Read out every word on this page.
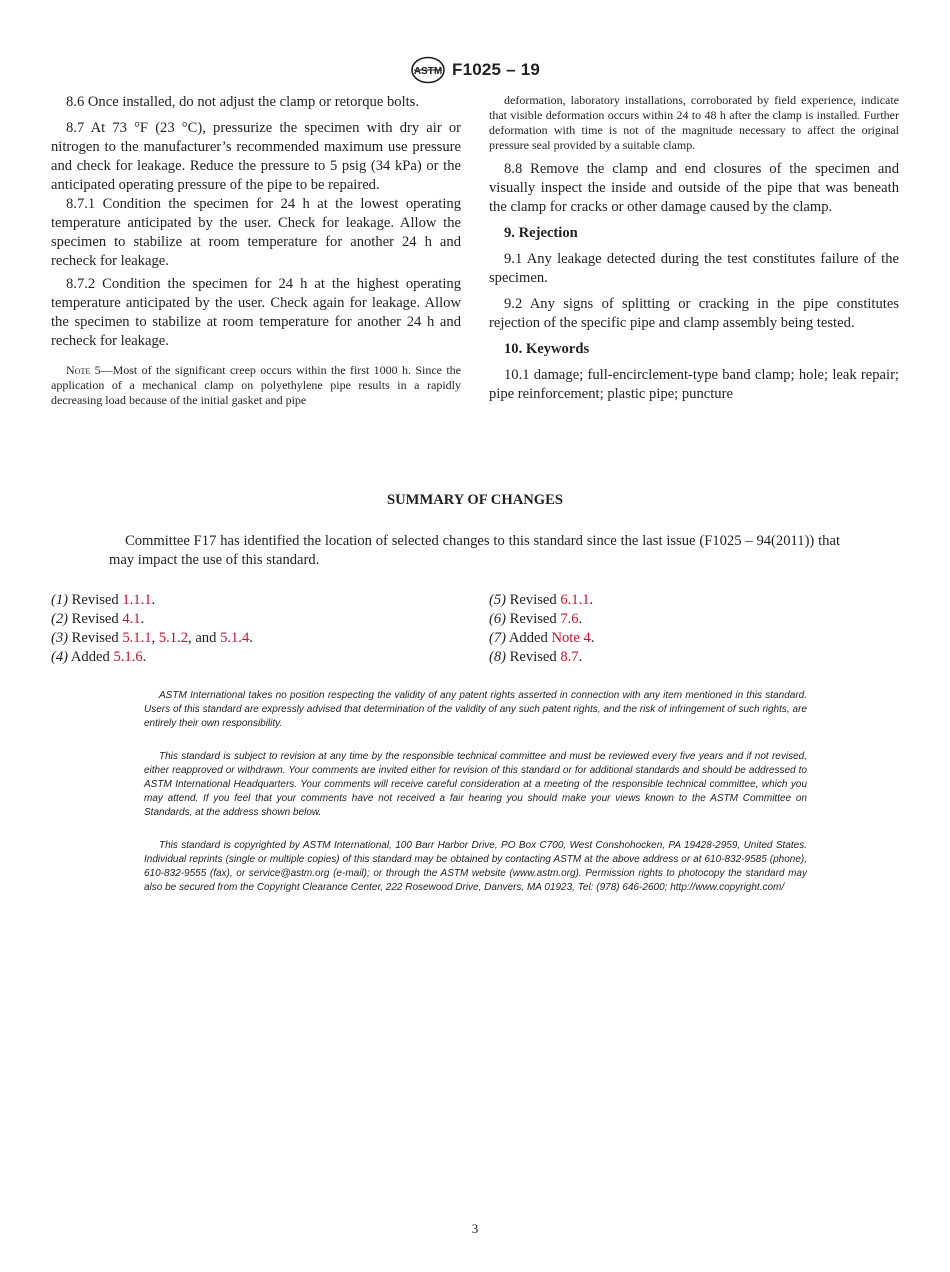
ASTM F1025 – 19

8.6 Once installed, do not adjust the clamp or retorque bolts.

8.7 At 73 °F (23 °C), pressurize the specimen with dry air or nitrogen to the manufacturer’s recommended maximum use pressure and check for leakage. Reduce the pressure to 5 psig (34 kPa) or the anticipated operating pressure of the pipe to be repaired.

8.7.1 Condition the specimen for 24 h at the lowest operating temperature anticipated by the user. Check for leakage. Allow the specimen to stabilize at room temperature for another 24 h and recheck for leakage.

8.7.2 Condition the specimen for 24 h at the highest operating temperature anticipated by the user. Check again for leakage. Allow the specimen to stabilize at room temperature for another 24 h and recheck for leakage.

Note 5—Most of the significant creep occurs within the first 1000 h. Since the application of a mechanical clamp on polyethylene pipe results in a rapidly decreasing load because of the initial gasket and pipe

deformation, laboratory installations, corroborated by field experience, indicate that visible deformation occurs within 24 to 48 h after the clamp is installed. Further deformation with time is not of the magnitude necessary to affect the original pressure seal provided by a suitable clamp.

8.8 Remove the clamp and end closures of the specimen and visually inspect the inside and outside of the pipe that was beneath the clamp for cracks or other damage caused by the clamp.

9. Rejection

9.1 Any leakage detected during the test constitutes failure of the specimen.

9.2 Any signs of splitting or cracking in the pipe constitutes rejection of the specific pipe and clamp assembly being tested.

10. Keywords

10.1 damage; full-encirclement-type band clamp; hole; leak repair; pipe reinforcement; plastic pipe; puncture

SUMMARY OF CHANGES
Committee F17 has identified the location of selected changes to this standard since the last issue (F1025 – 94(2011)) that may impact the use of this standard.
(1) Revised 1.1.1.	(5) Revised 6.1.1.
(2) Revised 4.1.	(6) Revised 7.6.
(3) Revised 5.1.1, 5.1.2, and 5.1.4.	(7) Added Note 4.
(4) Added 5.1.6.	(8) Revised 8.7.

ASTM International takes no position respecting the validity of any patent rights asserted in connection with any item mentioned in this standard. Users of this standard are expressly advised that determination of the validity of any such patent rights, and the risk of infringement of such rights, are entirely their own responsibility.

This standard is subject to revision at any time by the responsible technical committee and must be reviewed every five years and if not revised, either reapproved or withdrawn. Your comments are invited either for revision of this standard or for additional standards and should be addressed to ASTM International Headquarters. Your comments will receive careful consideration at a meeting of the responsible technical committee, which you may attend. If you feel that your comments have not received a fair hearing you should make your views known to the ASTM Committee on Standards, at the address shown below.

This standard is copyrighted by ASTM International, 100 Barr Harbor Drive, PO Box C700, West Conshohocken, PA 19428-2959, United States. Individual reprints (single or multiple copies) of this standard may be obtained by contacting ASTM at the above address or at 610-832-9585 (phone), 610-832-9555 (fax), or service@astm.org (e-mail); or through the ASTM website (www.astm.org). Permission rights to photocopy the standard may also be secured from the Copyright Clearance Center, 222 Rosewood Drive, Danvers, MA 01923, Tel: (978) 646-2600; http://www.copyright.com/

3
